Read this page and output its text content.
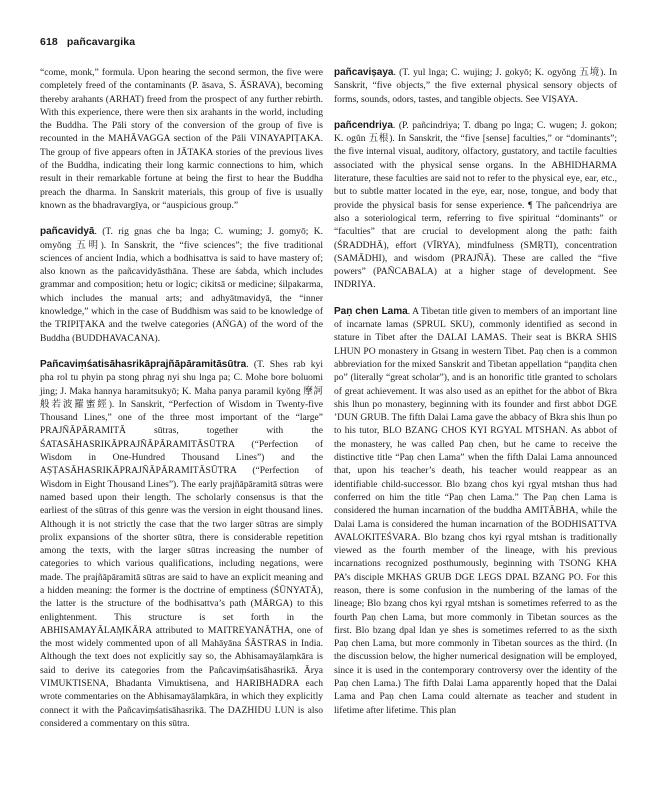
618 pañcavargika

“come, monk,” formula. Upon hearing the second sermon, the five were completely freed of the contaminants (P. āsava, S. ĀSRAVA), becoming thereby arahants (ARHAT) freed from the prospect of any further rebirth. With this experience, there were then six arahants in the world, including the Buddha. The Pāli story of the conversion of the group of five is recounted in the MAHĀVAGGA section of the Pāli VINAYAPIṬAKA. The group of five appears often in JĀTAKA stories of the previous lives of the Buddha, indicating their long karmic connections to him, which result in their remarkable fortune at being the first to hear the Buddha preach the dharma. In Sanskrit materials, this group of five is usually known as the bhadravargīya, or “auspicious group.”

pañcavidyā. (T. rig gnas che ba lnga; C. wuming; J. gomyō; K. omyŏng 五明). In Sanskrit, the “five sciences”; the five traditional sciences of ancient India, which a bodhisattva is said to have mastery of; also known as the pañcavidyāsthāna. These are śabda, which includes grammar and composition; hetu or logic; cikitsā or medicine; śilpakarma, which includes the manual arts; and adhyātmavidyā, the “inner knowledge,” which in the case of Buddhism was said to be knowledge of the TRIPIṬAKA and the twelve categories (AṄGA) of the word of the Buddha (BUDDHAVACANA).

Pañcaviṃśatisāhasrikāprajñāpāramitāsūtra. (T. Shes rab kyi pha rol tu phyin pa stong phrag nyi shu lnga pa; C. Mohe bore boluomi jing; J. Maka hannya haramitsukyō; K. Maha panya paramil kyŏng 摩訶般若波羅蜜經). In Sanskrit, “Perfection of Wisdom in Twenty-five Thousand Lines,” one of the three most important of the “large” PRAJÑĀPĀRAMITĀ sūtras, together with the ŚATASĀHASRIKĀPRAJÑĀPĀRAMITĀSŪTRA (“Perfection of Wisdom in One-Hundred Thousand Lines”) and the AṢṬASĀHASRIKĀPRAJÑĀPĀRAMITĀSŪTRA (“Perfection of Wisdom in Eight Thousand Lines”). The early prajñāpāramitā sūtras were named based upon their length. The scholarly consensus is that the earliest of the sūtras of this genre was the version in eight thousand lines. Although it is not strictly the case that the two larger sūtras are simply prolix expansions of the shorter sūtra, there is considerable repetition among the texts, with the larger sūtras increasing the number of categories to which various qualifications, including negations, were made. The prajñāpāramitā sūtras are said to have an explicit meaning and a hidden meaning: the former is the doctrine of emptiness (ŚŪNYATĀ), the latter is the structure of the bodhisattva’s path (MĀRGA) to this enlightenment. This structure is set forth in the ABHISAMAYĀLAṂKĀRA attributed to MAITREYANĀTHA, one of the most widely commented upon of all Mahāyāna ŚĀSTRAS in India. Although the text does not explicitly say so, the Abhisamayālaṃkāra is said to derive its categories from the Pañcaviṃśatisāhasrikā. Ārya VIMUKTISENA, Bhadanta Vimuktisena, and HARIBHADRA each wrote commentaries on the Abhisamayālaṃkāra, in which they explicitly connect it with the Pañcaviṃśatisāhasrikā. The DAZHIDU LUN is also considered a commentary on this sūtra.

pañcaviṣaya. (T. yul lnga; C. wujing; J. gokyō; K. ogyŏng 五境). In Sanskrit, “five objects,” the five external physical sensory objects of forms, sounds, odors, tastes, and tangible objects. See VIṢAYA.

pañcendriya. (P. pañcindriya; T. dbang po lnga; C. wugen; J. gokon; K. ogŭn 五根). In Sanskrit, the “five [sense] faculties,” or “dominants”; the five internal visual, auditory, olfactory, gustatory, and tactile faculties associated with the physical sense organs. In the ABHIDHARMA literature, these faculties are said not to refer to the physical eye, ear, etc., but to subtle matter located in the eye, ear, nose, tongue, and body that provide the physical basis for sense experience. ¶ The pañcendriya are also a soteriological term, referring to five spiritual “dominants” or “faculties” that are crucial to development along the path: faith (ŚRADDHĀ), effort (VĪRYA), mindfulness (SMṚTI), concentration (SAMĀDHI), and wisdom (PRAJÑĀ). These are called the “five powers” (PAÑCABALA) at a higher stage of development. See INDRIYA.

Paṇ chen Lama. A Tibetan title given to members of an important line of incarnate lamas (SPRUL SKU), commonly identified as second in stature in Tibet after the DALAI LAMAS. Their seat is BKRA SHIS LHUN PO monastery in Gtsang in western Tibet. Paṇ chen is a common abbreviation for the mixed Sanskrit and Tibetan appellation “paṇḍita chen po” (literally “great scholar”), and is an honorific title granted to scholars of great achievement. It was also used as an epithet for the abbot of Bkra shis lhun po monastery, beginning with its founder and first abbot DGE ’DUN GRUB. The fifth Dalai Lama gave the abbacy of Bkra shis lhun po to his tutor, BLO BZANG CHOS KYI RGYAL MTSHAN. As abbot of the monastery, he was called Paṇ chen, but he came to receive the distinctive title “Paṇ chen Lama” when the fifth Dalai Lama announced that, upon his teacher’s death, his teacher would reappear as an identifiable child-successor. Blo bzang chos kyi rgyal mtshan thus had conferred on him the title “Paṇ chen Lama.” The Paṇ chen Lama is considered the human incarnation of the buddha AMITĀBHA, while the Dalai Lama is considered the human incarnation of the BODHISATTVA AVALOKITEŚVARA. Blo bzang chos kyi rgyal mtshan is traditionally viewed as the fourth member of the lineage, with his previous incarnations recognized posthumously, beginning with TSONG KHA PA’s disciple MKHAS GRUB DGE LEGS DPAL BZANG PO. For this reason, there is some confusion in the numbering of the lamas of the lineage; Blo bzang chos kyi rgyal mtshan is sometimes referred to as the fourth Paṇ chen Lama, but more commonly in Tibetan sources as the first. Blo bzang dpal ldan ye shes is sometimes referred to as the sixth Paṇ chen Lama, but more commonly in Tibetan sources as the third. (In the discussion below, the higher numerical designation will be employed, since it is used in the contemporary controversy over the identity of the Paṇ chen Lama.) The fifth Dalai Lama apparently hoped that the Dalai Lama and Paṇ chen Lama could alternate as teacher and student in lifetime after lifetime. This plan
